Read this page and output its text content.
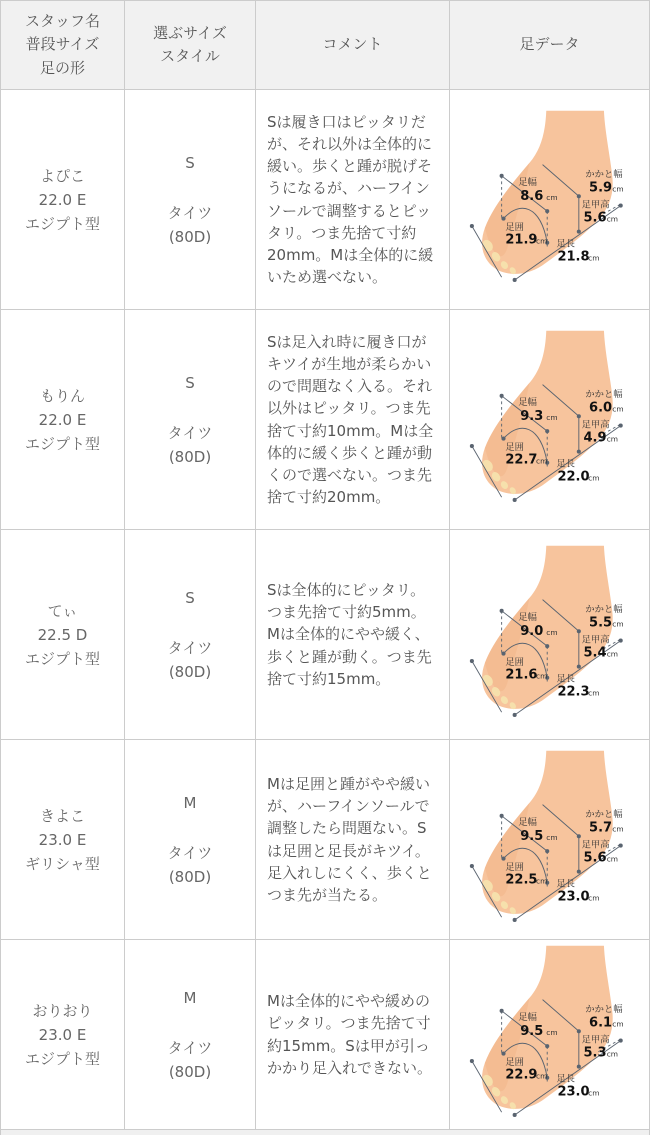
スタッフ名
普段サイズ
足の形
選ぶサイズ
スタイル
コメント	足データ
よぴこ
22.0 E
エジプト型
S
タイツ
(80D)

Sは履き口はピッタリだが、それ以外は全体的に緩い。歩くと踵が脱げそうになるが、ハーフインソールで調整するとピッタリ。つま先捨て寸約20mm。Mは全体的に緩いため選べない。

足幅
8.6 cm
かかと幅
5.9 cm
足甲高
5.6 cm
足囲
21.9
cm 足長
21.8
cm
もりん
22.0 E
エジプト型
S
タイツ
(80D)

Sは足入れ時に履き口がキツイが生地が柔らかいので問題なく入る。それ以外はピッタリ。つま先捨て寸約10mm。Mは全体的に緩く歩くと踵が動くので選べない。つま先捨て寸約20mm。

足幅
9.3 cm
かかと幅
6.0 cm
足甲高
4.9 cm
足囲
22.7
cm 足長
22.0
cm
てぃ
22.5 D
エジプト型
S
タイツ
(80D)

Sは全体的にピッタリ。つま先捨て寸約5mm。Mは全体的にやや緩く、歩くと踵が動く。つま先捨て寸約15mm。

足幅
9.0 cm
かかと幅
5.5 cm
足甲高
5.4 cm
足囲
21.6
cm 足長
22.3
cm
きよこ
23.0 E
ギリシャ型
M
タイツ
(80D)

Mは足囲と踵がやや緩いが、ハーフインソールで調整したら問題ない。Sは足囲と足長がキツイ。足入れしにくく、歩くとつま先が当たる。

足幅
9.5 cm
かかと幅
5.7 cm
足甲高
5.6 cm
足囲
22.5
cm 足長
23.0
cm
おりおり
23.0 E
エジプト型
M
タイツ
(80D)

Mは全体的にやや緩めのピッタリ。つま先捨て寸約15mm。Sは甲が引っかかり足入れできない。

足幅
9.5 cm
かかと幅
6.1 cm
足甲高
5.3 cm
足囲
22.9
cm 足長
23.0
cm
